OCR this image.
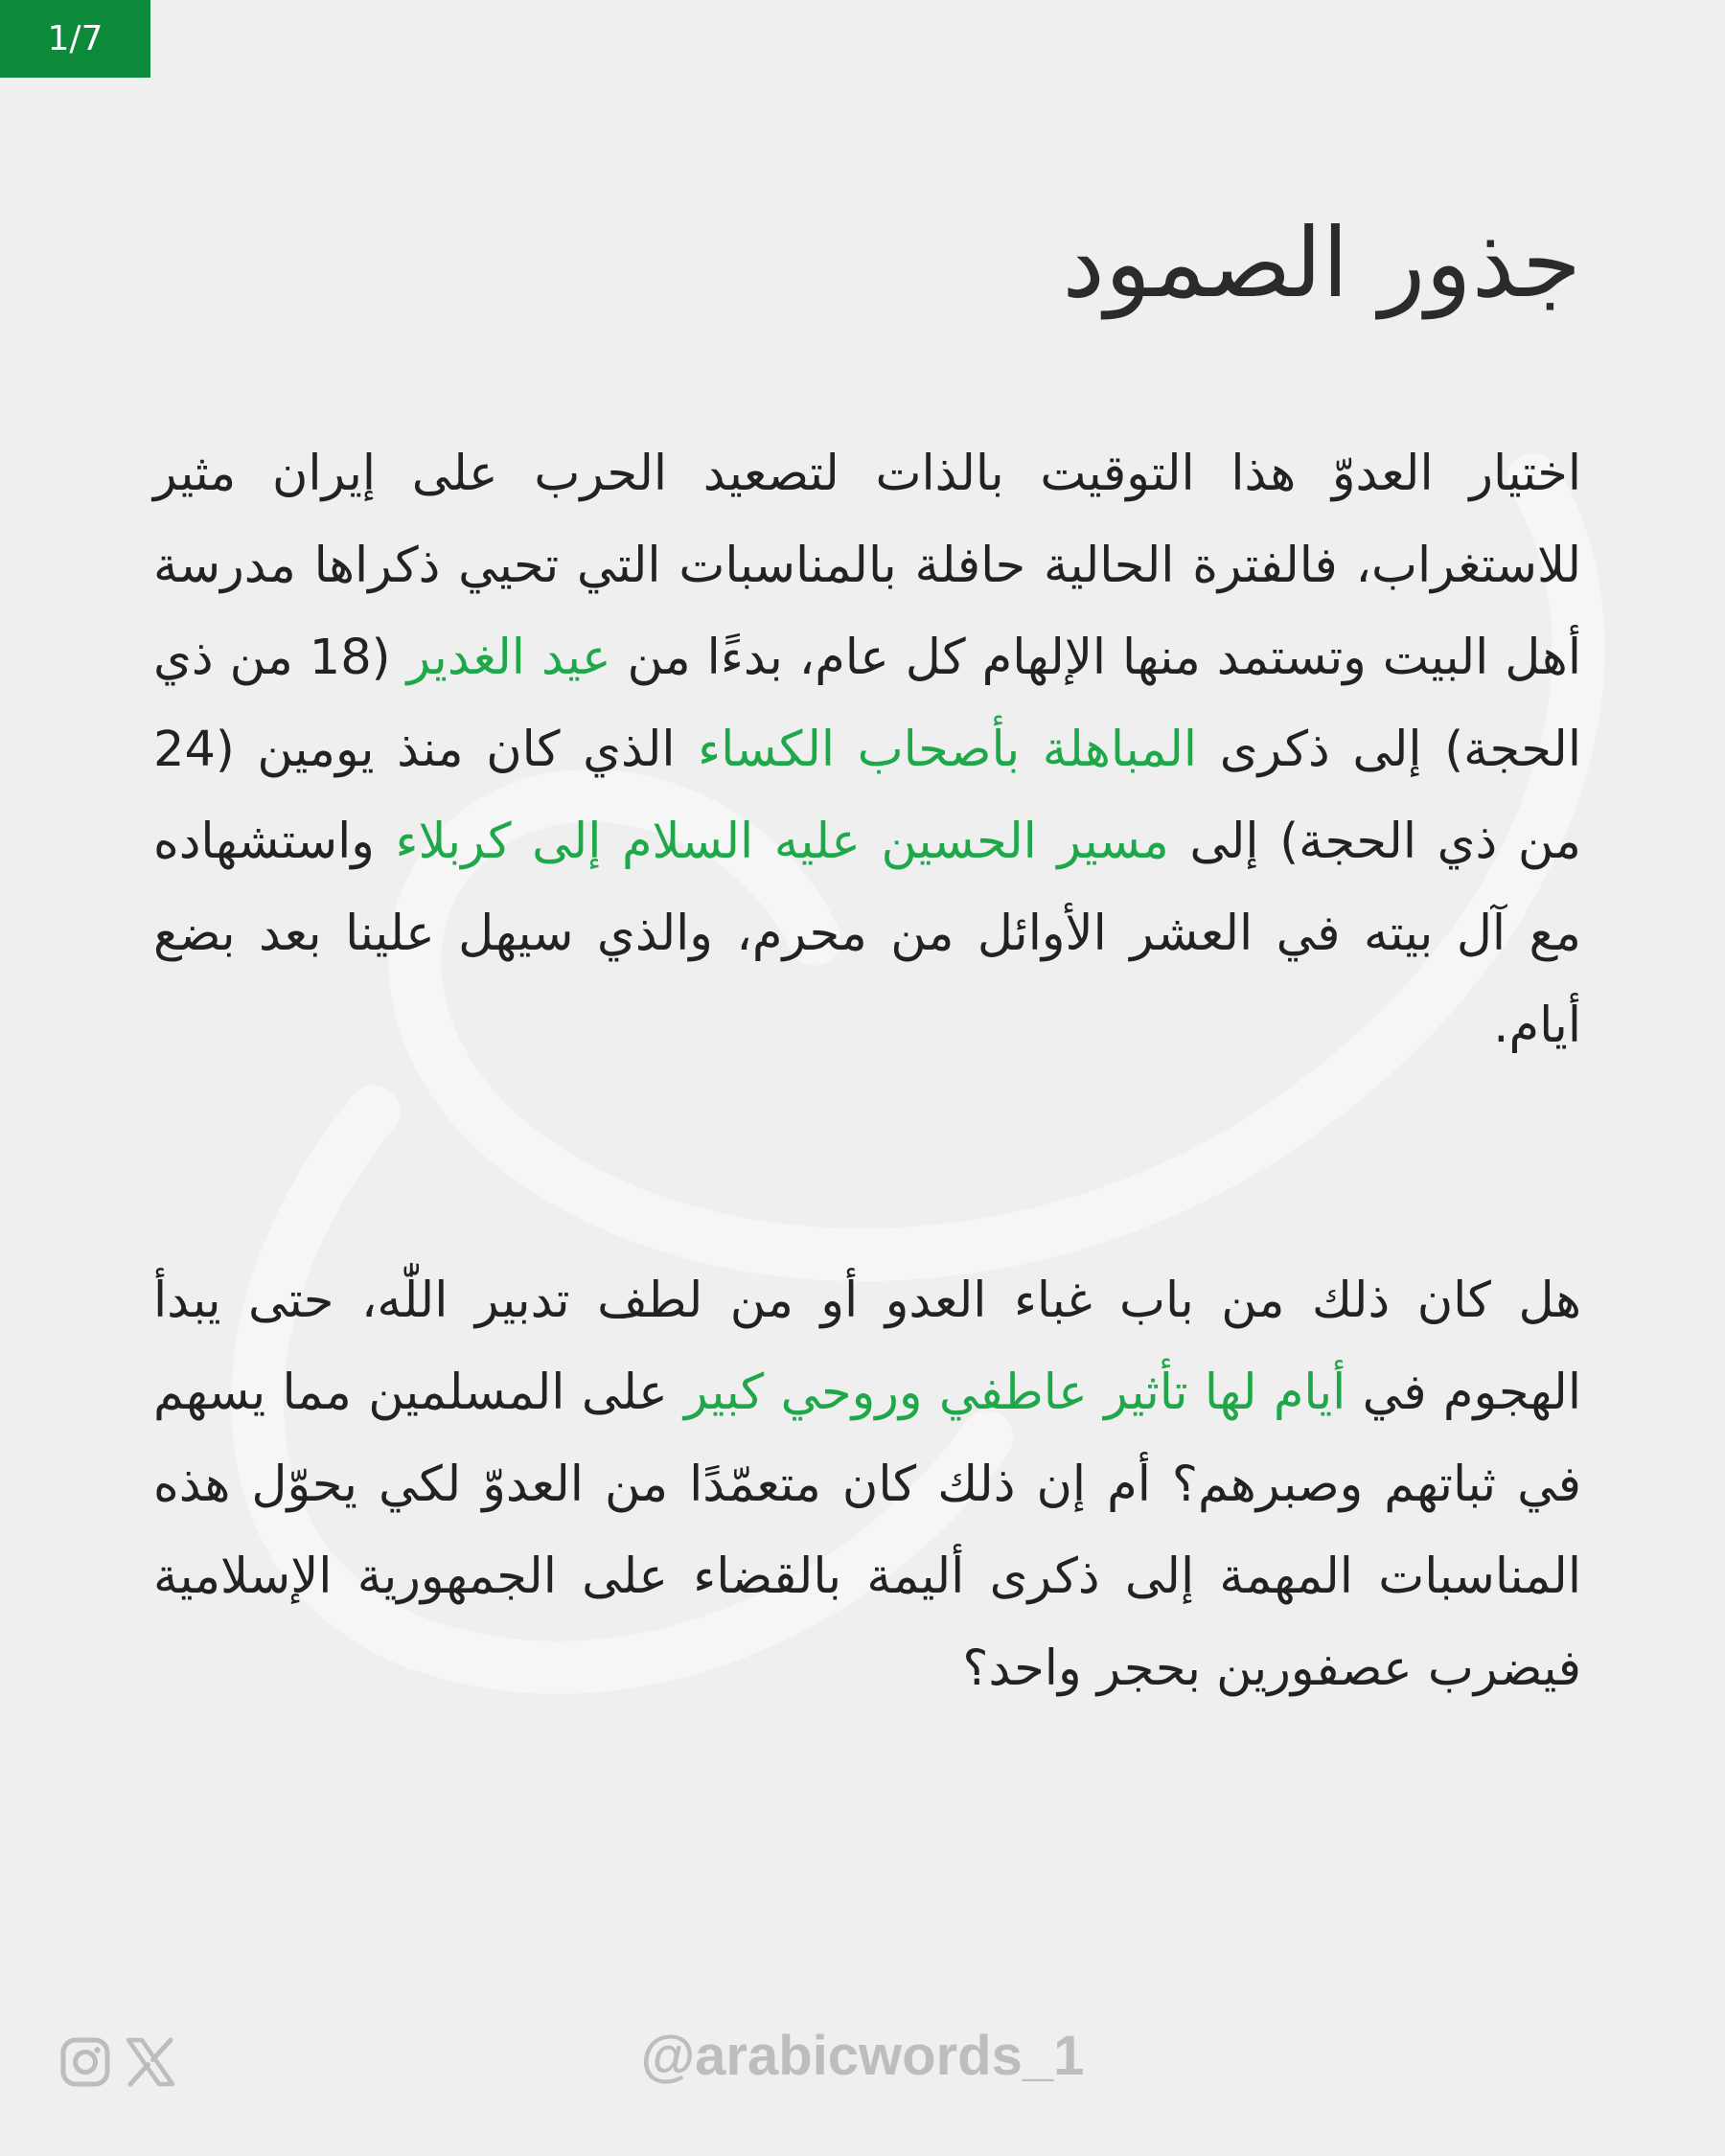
1/7
جذور الصمود

اختيار العدوّ هذا التوقيت بالذات لتصعيد الحرب على إيران مثير للاستغراب، فالفترة الحالية حافلة بالمناسبات التي تحيي ذكراها مدرسة أهل البيت وتستمد منها الإلهام كل عام، بدءًا من عيد الغدير (18 من ذي الحجة) إلى ذكرى المباهلة بأصحاب الكساء الذي كان منذ يومين (24 من ذي الحجة) إلى مسير الحسين عليه السلام إلى كربلاء واستشهاده مع آل بيته في العشر الأوائل من محرم، والذي سيهل علينا بعد بضع أيام.

هل كان ذلك من باب غباء العدو أو من لطف تدبير اللّٰه، حتى يبدأ الهجوم في أيام لها تأثير عاطفي وروحي كبير على المسلمين مما يسهم في ثباتهم وصبرهم؟ أم إن ذلك كان متعمّدًا من العدوّ لكي يحوّل هذه المناسبات المهمة إلى ذكرى أليمة بالقضاء على الجمهورية الإسلامية فيضرب عصفورين بحجر واحد؟

@arabicwords_1
